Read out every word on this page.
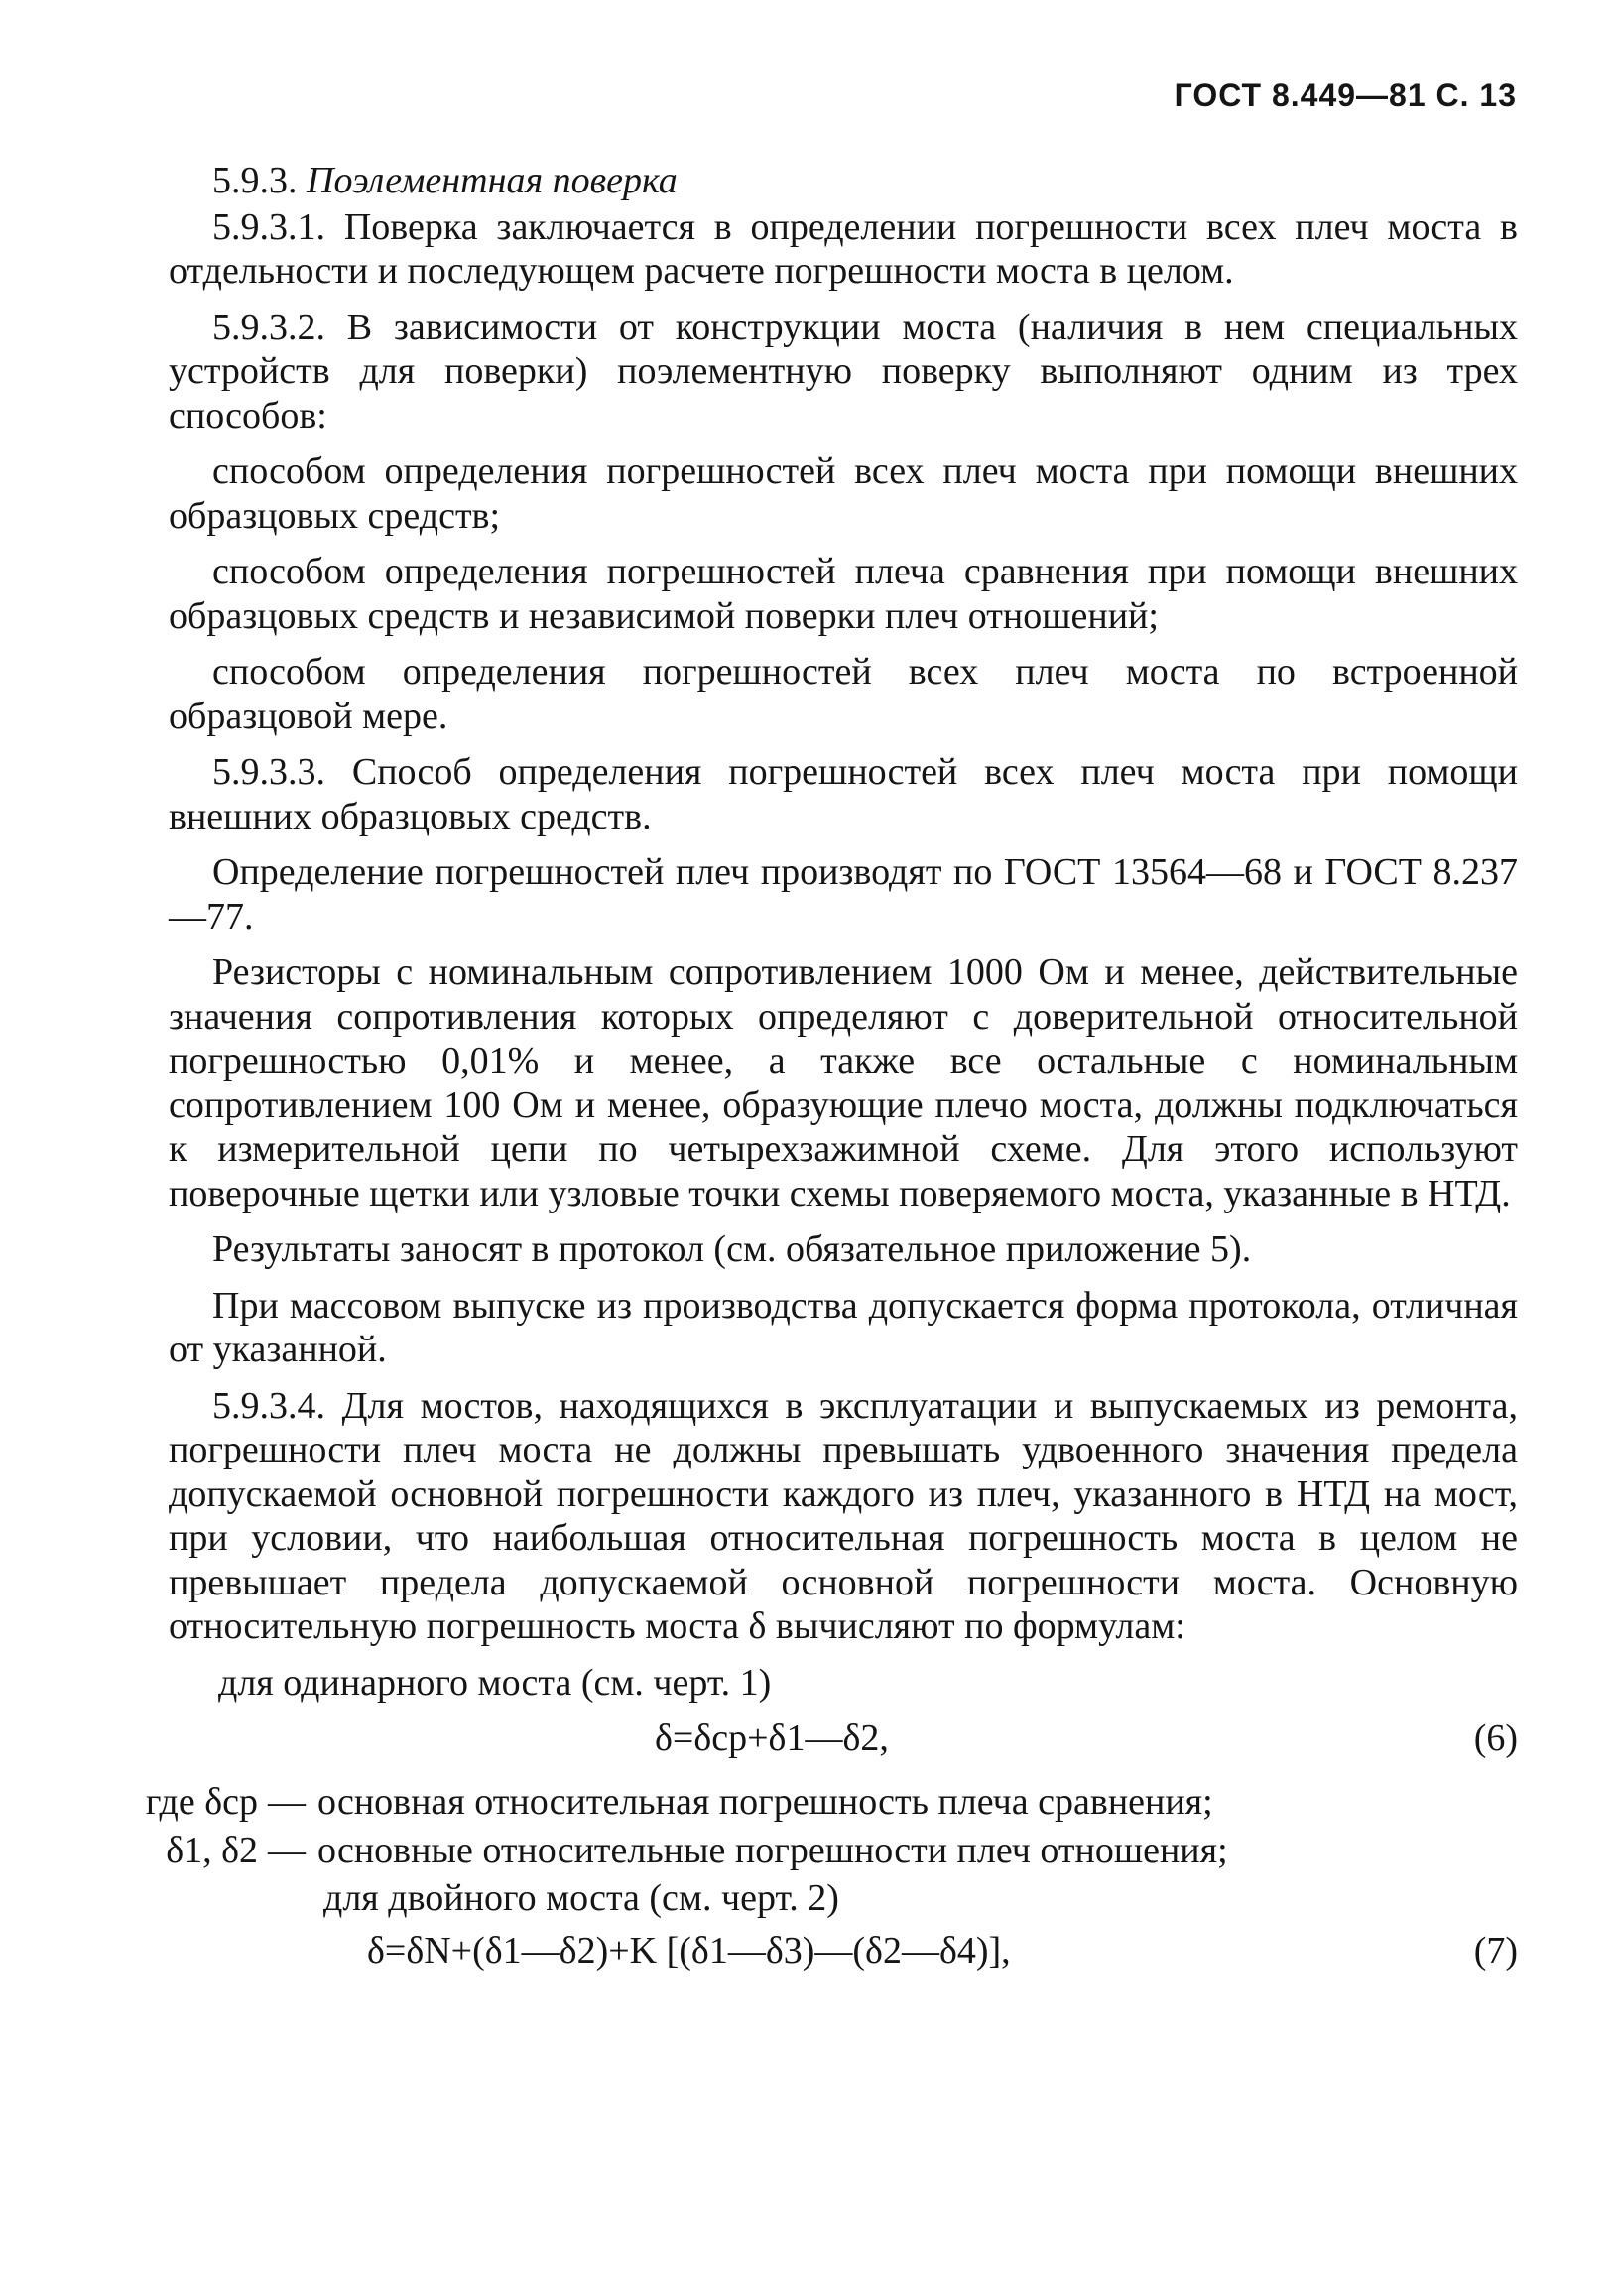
ГОСТ 8.449—81 С. 13

5.9.3. Поэлементная поверка

5.9.3.1. Поверка заключается в определении погрешности всех плеч моста в отдельности и последующем расчете погрешности моста в целом.

5.9.3.2. В зависимости от конструкции моста (наличия в нем специальных устройств для поверки) поэлементную поверку выполняют одним из трех способов:

способом определения погрешностей всех плеч моста при помощи внешних образцовых средств;

способом определения погрешностей плеча сравнения при помощи внешних образцовых средств и независимой поверки плеч отношений;

способом определения погрешностей всех плеч моста по встроенной образцовой мере.

5.9.3.3. Способ определения погрешностей всех плеч моста при помощи внешних образцовых средств.

Определение погрешностей плеч производят по ГОСТ 13564—68 и ГОСТ 8.237—77.

Резисторы с номинальным сопротивлением 1000 Ом и менее, действительные значения сопротивления которых определяют с доверительной относительной погрешностью 0,01% и менее, а также все остальные с номинальным сопротивлением 100 Ом и менее, образующие плечо моста, должны подключаться к измерительной цепи по четырехзажимной схеме. Для этого используют поверочные щетки или узловые точки схемы поверяемого моста, указанные в НТД.

Результаты заносят в протокол (см. обязательное приложение 5).

При массовом выпуске из производства допускается форма протокола, отличная от указанной.

5.9.3.4. Для мостов, находящихся в эксплуатации и выпускаемых из ремонта, погрешности плеч моста не должны превышать удвоенного значения предела допускаемой основной погрешности каждого из плеч, указанного в НТД на мост, при условии, что наибольшая относительная погрешность моста в целом не превышает предела допускаемой основной погрешности моста. Основную относительную погрешность моста δ вычисляют по формулам:

для одинарного моста (см. черт. 1)

δ=δср+δ1—δ2,	(6)
где δср — основная относительная погрешность плеча сравнения;
δ1, δ2 — основные относительные погрешности плеч отношения;

для двойного моста (см. черт. 2)

δ=δN+(δ1—δ2)+K [(δ1—δ3)—(δ2—δ4)],	(7)
